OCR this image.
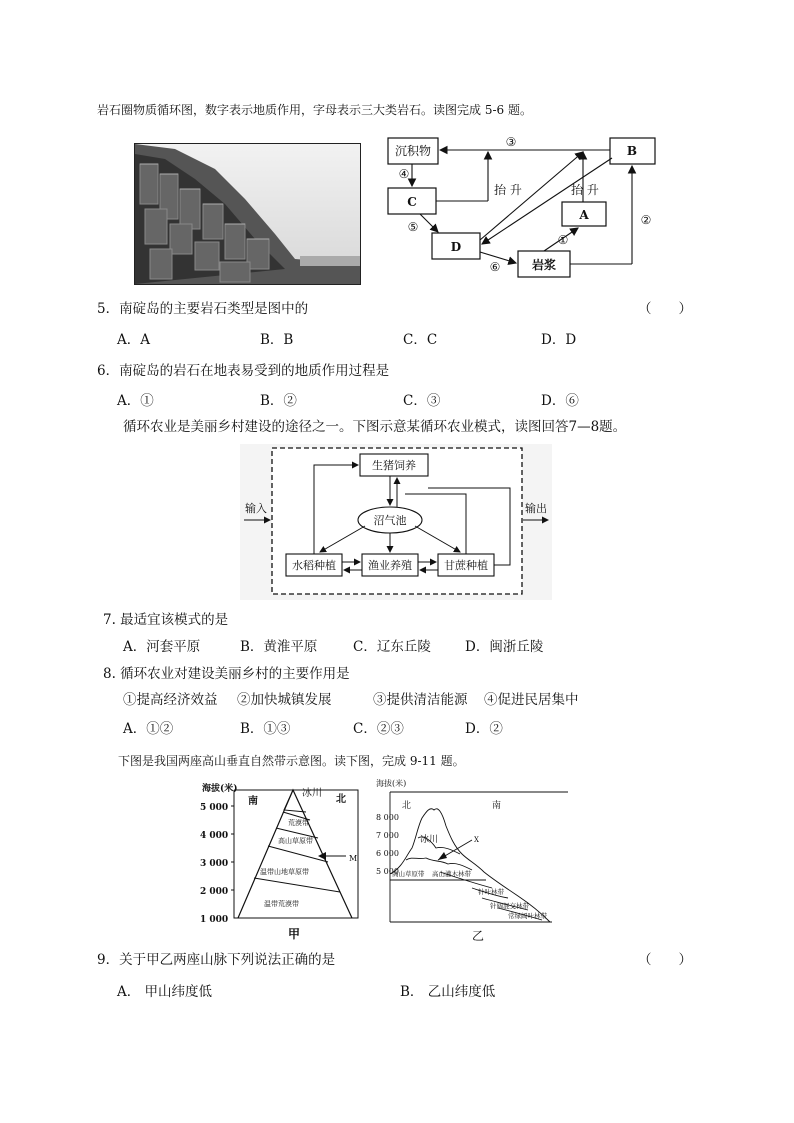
岩石圈物质循环图，数字表示地质作用，字母表示三大类岩石。读图完成 5-6 题。
沉积物	B
C
A
D
岩浆
抬 升	抬 升
③
④
⑤
⑥
①
②
5．南碇岛的主要岩石类型是图中的	（　　）
A．A	B．B	C．C	D．D
6．南碇岛的岩石在地表易受到的地质作用过程是
A．①	B．②	C．③	D．⑥
循环农业是美丽乡村建设的途径之一。下图示意某循环农业模式，读图回答7—8题。
生猪饲养
沼气池
水稻种植	渔业养殖	甘蔗种植
输入	输出
7. 最适宜该模式的是
A．河套平原	B．黄淮平原	C．辽东丘陵	D．闽浙丘陵
8. 循环农业对建设美丽乡村的主要作用是
①提高经济效益 ②加快城镇发展	③提供清洁能源 ④促进民居集中
A．①②	B．①③	C．②③	D．②
下图是我国两座高山垂直自然带示意图。读下图，完成 9-11 题。
海拔(米)
5 000
4 000
3 000
2 000
1 000
南	北
冰川
M
荒漠带
高山草原带
温带山地草原带
温带荒漠带
甲
海拔(米)
8 000
7 000
6 000
5 000
北	南
冰川	X
高山草原带 高山灌木林带
针叶林带
针阔混交林带
常绿阔叶林带
乙
9．关于甲乙两座山脉下列说法正确的是	（　　）
A． 甲山纬度低	B． 乙山纬度低
